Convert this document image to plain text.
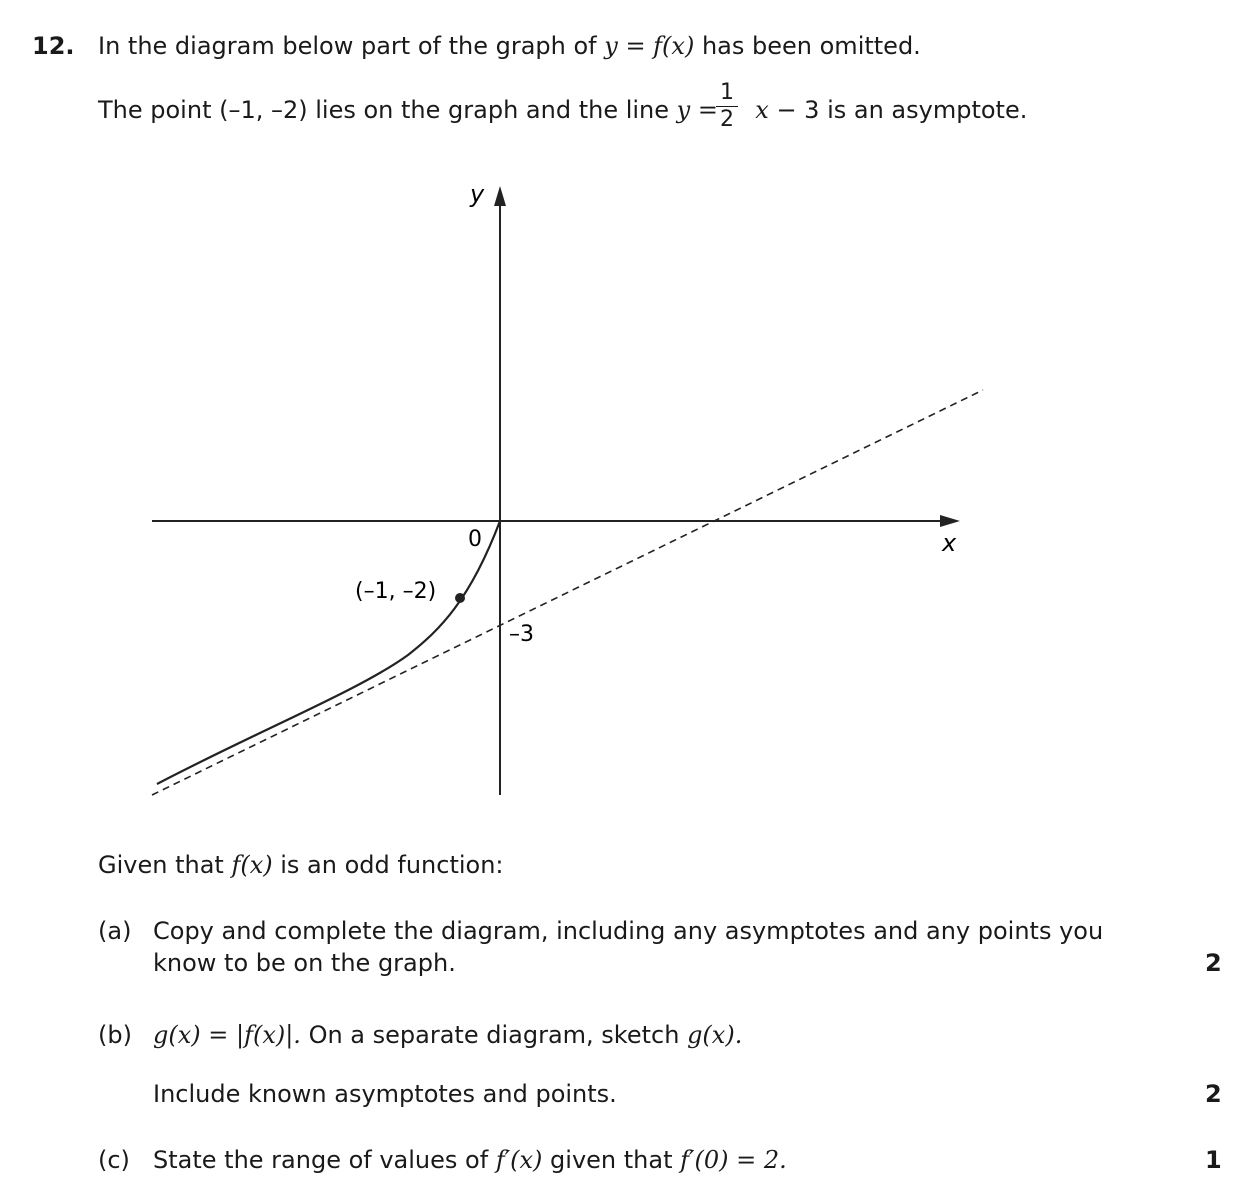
12. In the diagram below part of the graph of y = f(x) has been omitted.
The point (–1, –2) lies on the graph and the line y = x − 3 is an asymptote.
1
2
y
x
0
(–1, –2)
–3
Given that f(x) is an odd function:
(a) Copy and complete the diagram, including any asymptotes and any points you
know to be on the graph.	2
(b) g(x) = |f(x)|. On a separate diagram, sketch g(x).
Include known asymptotes and points.	2
(c) State the range of values of f′(x) given that f′(0) = 2.	1
